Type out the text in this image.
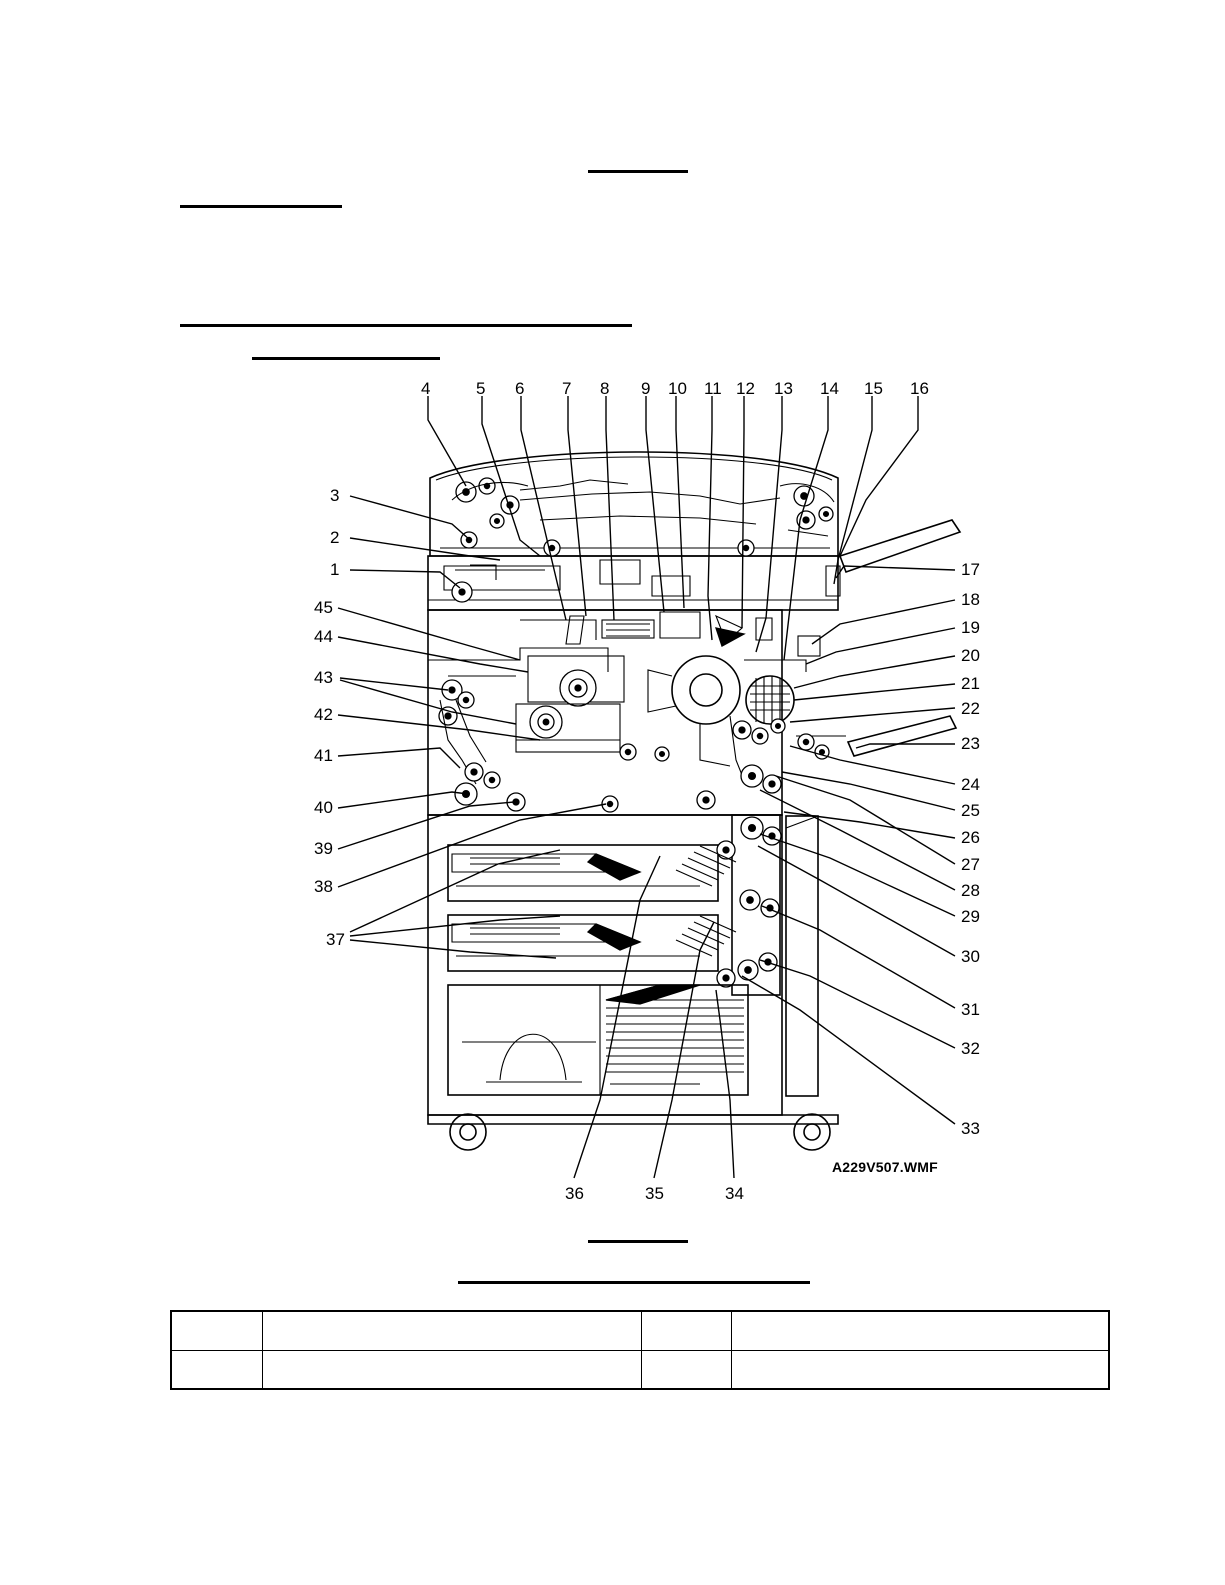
4	5 6 7 8 9 10 11 12 13 14 15 16
3
2
1
45
44
43
42
41
40
39
38
37
17
18
19
20
21
22
23
24
25
26
27
28
29
30
31
32
33
36	35	34
A229V507.WMF
